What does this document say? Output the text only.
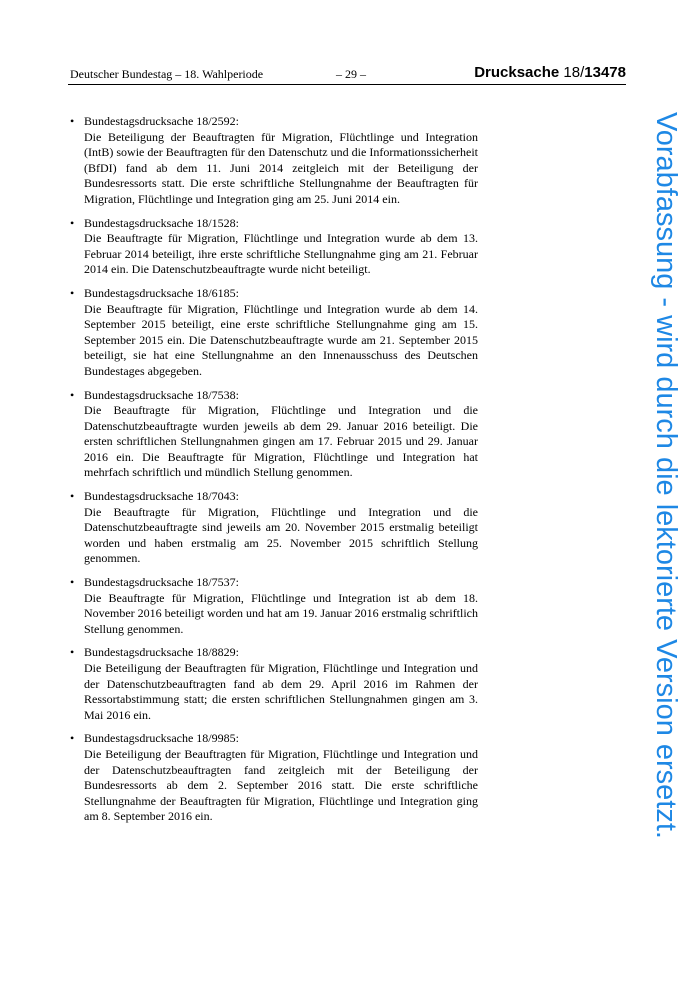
Deutscher Bundestag – 18. Wahlperiode	– 29 –	Drucksache 18/13478
• Bundestagsdrucksache 18/2592:
Die Beteiligung der Beauftragten für Migration, Flüchtlinge und Integration (IntB) sowie der Beauftragten für den Datenschutz und die Informationssicherheit (BfDI) fand ab dem 11. Juni 2014 zeitgleich mit der Beteiligung der Bundesressorts statt. Die erste schriftliche Stellungnahme der Beauftragten für Migration, Flüchtlinge und Integration ging am 25. Juni 2014 ein.
• Bundestagsdrucksache 18/1528:
Die Beauftragte für Migration, Flüchtlinge und Integration wurde ab dem 13. Februar 2014 beteiligt, ihre erste schriftliche Stellungnahme ging am 21. Februar 2014 ein. Die Datenschutzbeauftragte wurde nicht beteiligt.
• Bundestagsdrucksache 18/6185:
Die Beauftragte für Migration, Flüchtlinge und Integration wurde ab dem 14. September 2015 beteiligt, eine erste schriftliche Stellungnahme ging am 15. September 2015 ein. Die Datenschutzbeauftragte wurde am 21. September 2015 beteiligt, sie hat eine Stellungnahme an den Innenausschuss des Deutschen Bundestages abgegeben.
• Bundestagsdrucksache 18/7538:
Die Beauftragte für Migration, Flüchtlinge und Integration und die Datenschutzbeauftragte wurden jeweils ab dem 29. Januar 2016 beteiligt. Die ersten schriftlichen Stellungnahmen gingen am 17. Februar 2015 und 29. Januar 2016 ein. Die Beauftragte für Migration, Flüchtlinge und Integration hat mehrfach schriftlich und mündlich Stellung genommen.
• Bundestagsdrucksache 18/7043:
Die Beauftragte für Migration, Flüchtlinge und Integration und die Datenschutzbeauftragte sind jeweils am 20. November 2015 erstmalig beteiligt worden und haben erstmalig am 25. November 2015 schriftlich Stellung genommen.
• Bundestagsdrucksache 18/7537:
Die Beauftragte für Migration, Flüchtlinge und Integration ist ab dem 18. November 2016 beteiligt worden und hat am 19. Januar 2016 erstmalig schriftlich Stellung genommen.
• Bundestagsdrucksache 18/8829:
Die Beteiligung der Beauftragten für Migration, Flüchtlinge und Integration und der Datenschutzbeauftragten fand ab dem 29. April 2016 im Rahmen der Ressortabstimmung statt; die ersten schriftlichen Stellungnahmen gingen am 3. Mai 2016 ein.
• Bundestagsdrucksache 18/9985:
Die Beteiligung der Beauftragten für Migration, Flüchtlinge und Integration und der Datenschutzbeauftragten fand zeitgleich mit der Beteiligung der Bundesressorts ab dem 2. September 2016 statt. Die erste schriftliche Stellungnahme der Beauftragten für Migration, Flüchtlinge und Integration ging am 8. September 2016 ein.	Vorabfassung - wird durch die lektorierte Version ersetzt.
